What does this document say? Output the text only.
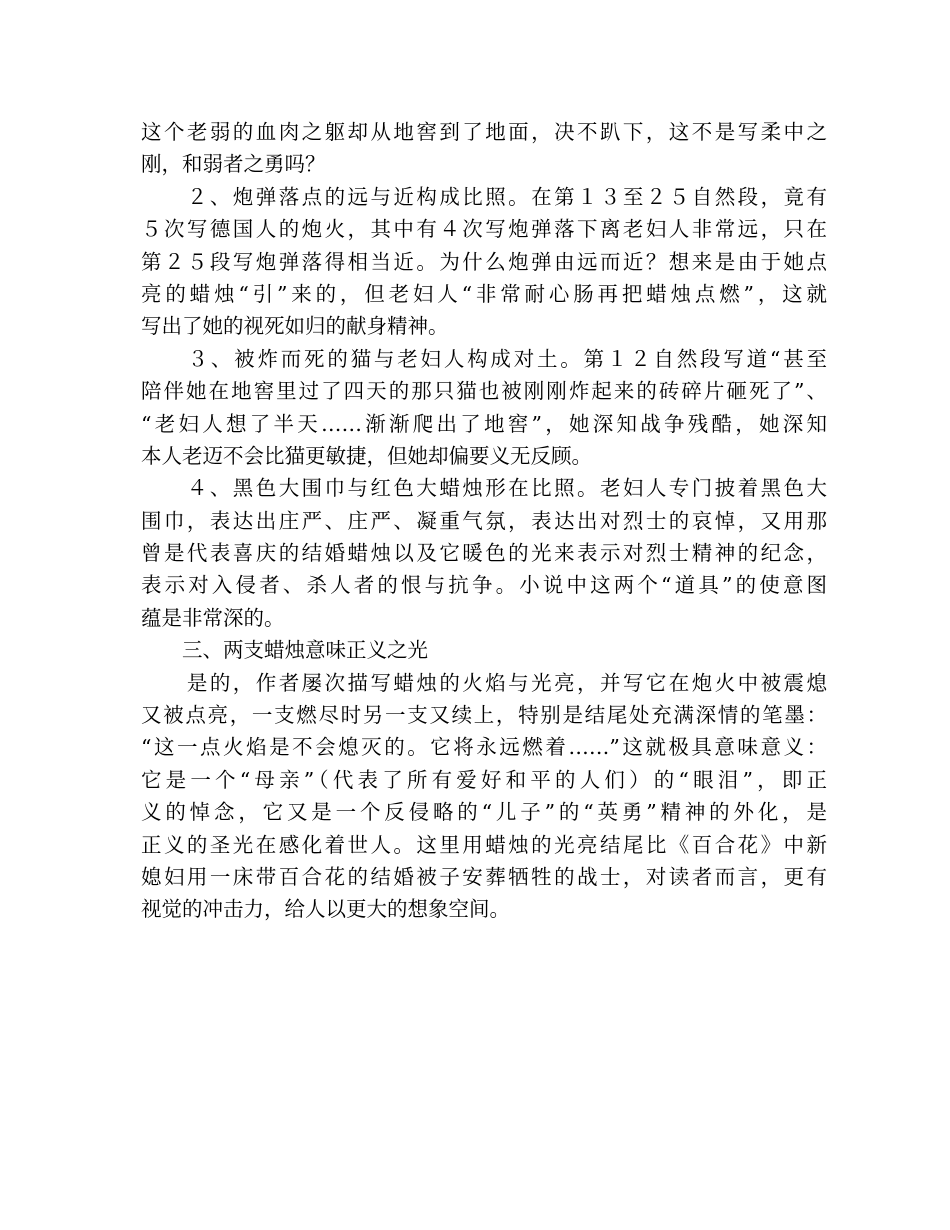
这个老弱的血肉之躯却从地窖到了地面，决不趴下，这不是写柔中之
刚，和弱者之勇吗？
　　２、炮弹落点的远与近构成比照。在第１３至２５自然段，竟有
５次写德国人的炮火，其中有４次写炮弹落下离老妇人非常远，只在
第２５段写炮弹落得相当近。为什么炮弹由远而近？想来是由于她点
亮的蜡烛“引”来的，但老妇人“非常耐心肠再把蜡烛点燃”，这就
写出了她的视死如归的献身精神。
　　３、被炸而死的猫与老妇人构成对土。第１２自然段写道“甚至
陪伴她在地窖里过了四天的那只猫也被刚刚炸起来的砖碎片砸死了”、
“老妇人想了半天……渐渐爬出了地窖”，她深知战争残酷，她深知
本人老迈不会比猫更敏捷，但她却偏要义无反顾。
　　４、黑色大围巾与红色大蜡烛形在比照。老妇人专门披着黑色大
围巾，表达出庄严、庄严、凝重气氛，表达出对烈士的哀悼，又用那
曾是代表喜庆的结婚蜡烛以及它暖色的光来表示对烈士精神的纪念，
表示对入侵者、杀人者的恨与抗争。小说中这两个“道具”的使意图
蕴是非常深的。
　　三、两支蜡烛意味正义之光
　　是的，作者屡次描写蜡烛的火焰与光亮，并写它在炮火中被震熄
又被点亮，一支燃尽时另一支又续上，特别是结尾处充满深情的笔墨：
“这一点火焰是不会熄灭的。它将永远燃着……”这就极具意味意义：
它是一个“母亲”（代表了所有爱好和平的人们）的“眼泪”，即正
义的悼念，它又是一个反侵略的“儿子”的“英勇”精神的外化，是
正义的圣光在感化着世人。这里用蜡烛的光亮结尾比《百合花》中新
媳妇用一床带百合花的结婚被子安葬牺牲的战士，对读者而言，更有
视觉的冲击力，给人以更大的想象空间。
